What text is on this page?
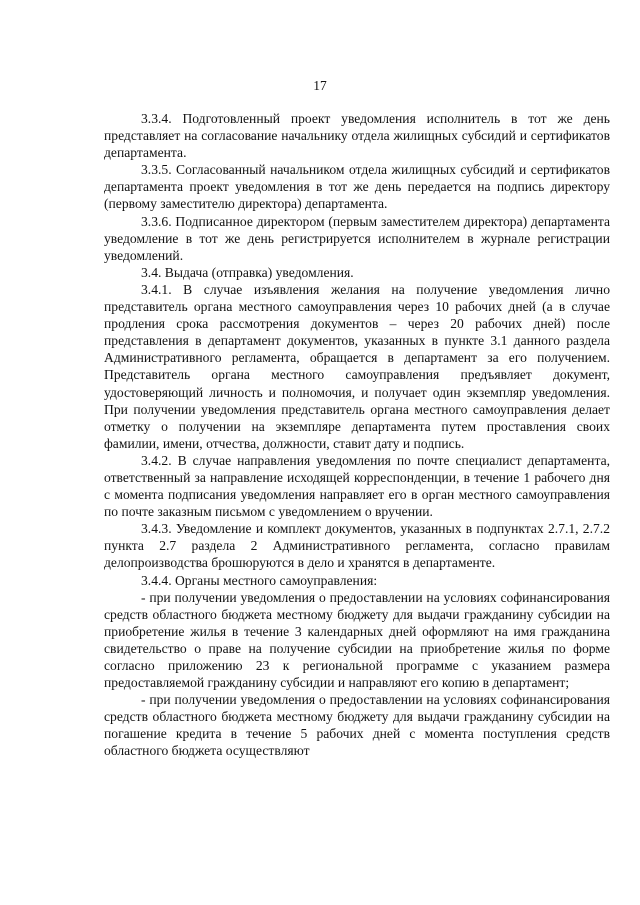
17

3.3.4. Подготовленный проект уведомления исполнитель в тот же день представляет на согласование начальнику отдела жилищных субсидий и сертификатов департамента.

3.3.5. Согласованный начальником отдела жилищных субсидий и сертификатов департамента проект уведомления в тот же день передается на подпись директору (первому заместителю директора) департамента.

3.3.6. Подписанное директором (первым заместителем директора) департамента уведомление в тот же день регистрируется исполнителем в журнале регистрации уведомлений.

3.4. Выдача (отправка) уведомления.

3.4.1. В случае изъявления желания на получение уведомления лично представитель органа местного самоуправления через 10 рабочих дней (а в случае продления срока рассмотрения документов – через 20 рабочих дней) после представления в департамент документов, указанных в пункте 3.1 данного раздела Административного регламента, обращается в департамент за его получением. Представитель органа местного самоуправления предъявляет документ, удостоверяющий личность и полномочия, и получает один экземпляр уведомления. При получении уведомления представитель органа местного самоуправления делает отметку о получении на экземпляре департамента путем проставления своих фамилии, имени, отчества, должности, ставит дату и подпись.

3.4.2. В случае направления уведомления по почте специалист департамента, ответственный за направление исходящей корреспонденции, в течение 1 рабочего дня с момента подписания уведомления направляет его в орган местного самоуправления по почте заказным письмом с уведомлением о вручении.

3.4.3. Уведомление и комплект документов, указанных в подпунктах 2.7.1, 2.7.2 пункта 2.7 раздела 2 Административного регламента, согласно правилам делопроизводства брошюруются в дело и хранятся в департаменте.

3.4.4. Органы местного самоуправления:

- при получении уведомления о предоставлении на условиях софинансирования средств областного бюджета местному бюджету для выдачи гражданину субсидии на приобретение жилья в течение 3 календарных дней оформляют на имя гражданина свидетельство о праве на получение субсидии на приобретение жилья по форме согласно приложению 23 к региональной программе с указанием размера предоставляемой гражданину субсидии и направляют его копию в департамент;

- при получении уведомления о предоставлении на условиях софинансирования средств областного бюджета местному бюджету для выдачи гражданину субсидии на погашение кредита в течение 5 рабочих дней с момента поступления средств областного бюджета осуществляют
